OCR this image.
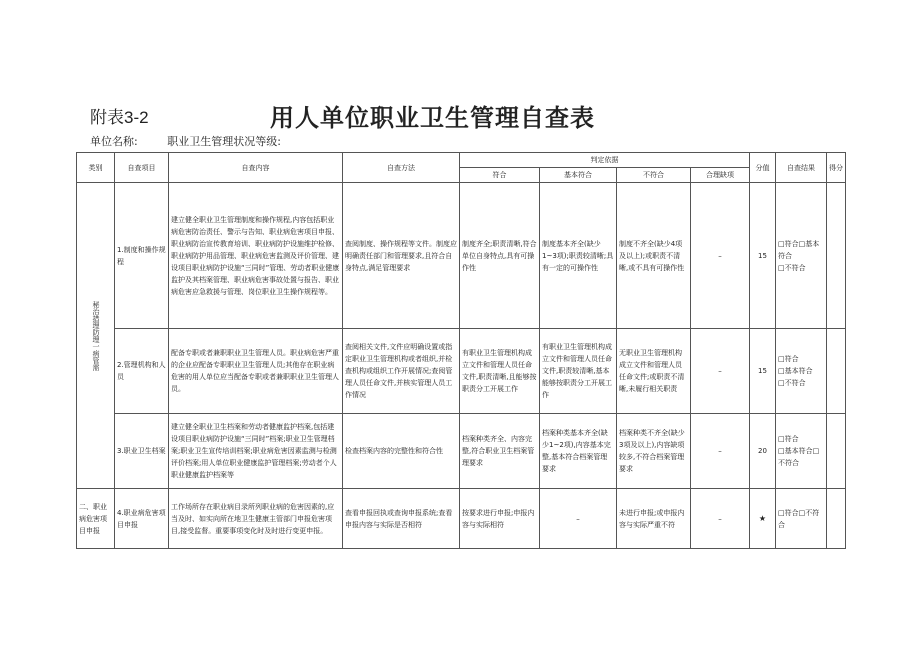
附表3-2	用人单位职业卫生管理自查表
单位名称:	职业卫生管理状况等级:
类别	自查项目	自查内容	自查方法	判定依据				分值	自查结果	得分
				符合	基本符合	不符合	合理缺项			

秘治措理防理一病管需	1.制度和操作规程	建立健全职业卫生管理制度和操作规程,内容包括职业病危害防治责任、警示与告知、职业病危害项目申报、职业病防治宣传教育培训、职业病防护设施维护检修、职业病防护用品管理、职业病危害监测及评价管理、建设项目职业病防护设施“三同时”管理、劳动者职业健康监护及其档案管理、职业病危害事故处置与报告、职业病危害应急救援与管理、岗位职业卫生操作规程等。	查阅制度、操作规程等文件。制度应明确责任部门和管理要求,且符合自身特点,满足管理要求	制度齐全;职责清晰,符合单位自身特点,具有可操作性	制度基本齐全(缺少1~3项);职责较清晰;具有一定的可操作性	制度不齐全(缺少4项及以上);或职责不清晰,或不具有可操作性	–	15	□符合□基本符合
□不符合	
	2.管理机构和人员	配备专职或者兼职职业卫生管理人员。职业病危害严重的企业应配备专职职业卫生管理人员;其他存在职业病危害的用人单位应当配备专职或者兼职职业卫生管理人员。	查阅相关文件,文件应明确设置或指定职业卫生管理机构或者组织,并检查机构或组织工作开展情况;查阅管理人员任命文件,并核实管理人员工作情况	有职业卫生管理机构成立文件和管理人员任命文件,职责清晰,且能够按职责分工开展工作	有职业卫生管理机构成立文件和管理人员任命文件,职责较清晰,基本能够按职责分工开展工作	无职业卫生管理机构成立文件和管理人员任命文件;或职责不清晰,未履行相关职责	–	15	□符合
□基本符合
□不符合	
	3.职业卫生档案	建立健全职业卫生档案和劳动者健康监护档案,包括建设项目职业病防护设施“三同时”档案;职业卫生管理档案;职业卫生宣传培训档案;职业病危害因素监测与检测评价档案;用人单位职业健康监护管理档案;劳动者个人职业健康监护档案等	检查档案内容的完整性和符合性	档案种类齐全、内容完整,符合职业卫生档案管理要求	档案种类基本齐全(缺少1~2项),内容基本完整,基本符合档案管理要求	档案种类不齐全(缺少3项及以上),内容缺项较多,不符合档案管理要求	–	20	□符合
□基本符合□不符合	
二、职业病危害项目申报	4.职业病危害项目申报	工作场所存在职业病目录所列职业病的危害因素的,应当及时、如实向所在地卫生健康主管部门申报危害项目,接受监督。重要事项变化时及时进行变更申报。	查看申报回执或查询申报系统;查看申报内容与实际是否相符	按要求进行申报;申报内容与实际相符	–	未进行申报;或申报内容与实际严重不符	–	★	□符合□不符合	
